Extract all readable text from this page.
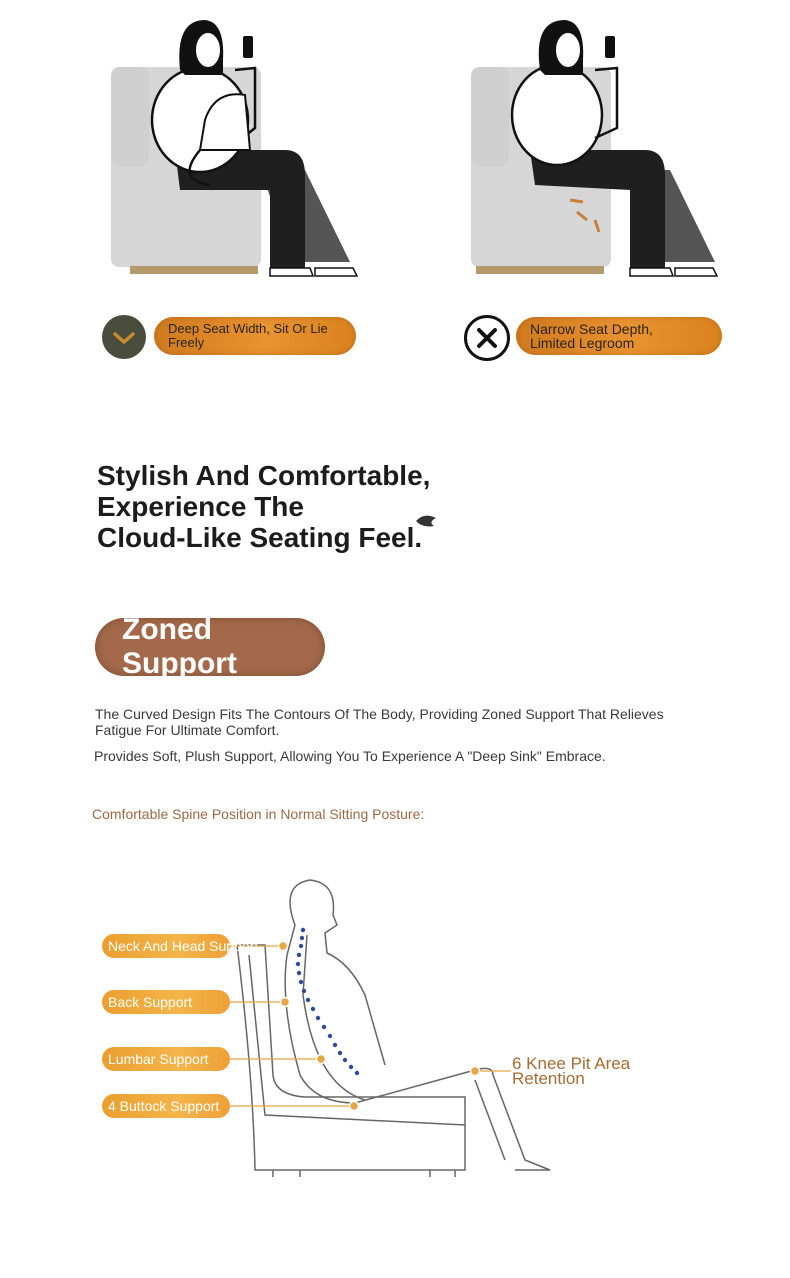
Deep Seat Width, Sit Or Lie Freely
Narrow Seat Depth, Limited Legroom
Stylish And Comfortable,
Experience The
Cloud-Like Seating Feel.
Zoned Support
The Curved Design Fits The Contours Of The Body, Providing Zoned Support That Relieves Fatigue For Ultimate Comfort.
Provides Soft, Plush Support, Allowing You To Experience A "Deep Sink" Embrace.
Comfortable Spine Position in Normal Sitting Posture:
Neck And Head Support
Back Support
Lumbar Support
4 Buttock Support
6 Knee Pit Area
Retention
